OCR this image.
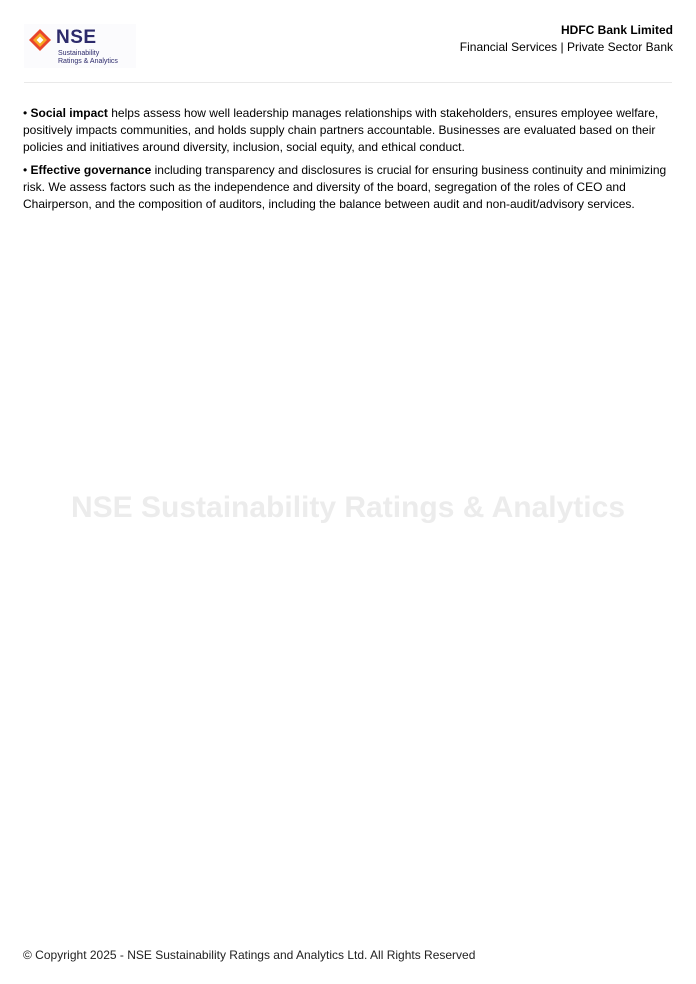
NSE
Sustainability
Ratings & Analytics
HDFC Bank Limited
Financial Services | Private Sector Bank

• Social impact helps assess how well leadership manages relationships with stakeholders, ensures employee welfare, positively impacts communities, and holds supply chain partners accountable. Businesses are evaluated based on their policies and initiatives around diversity, inclusion, social equity, and ethical conduct.

• Effective governance including transparency and disclosures is crucial for ensuring business continuity and minimizing risk. We assess factors such as the independence and diversity of the board, segregation of the roles of CEO and Chairperson, and the composition of auditors, including the balance between audit and non-audit/advisory services.

NSE Sustainability Ratings & Analytics
© Copyright 2025 - NSE Sustainability Ratings and Analytics Ltd. All Rights Reserved
